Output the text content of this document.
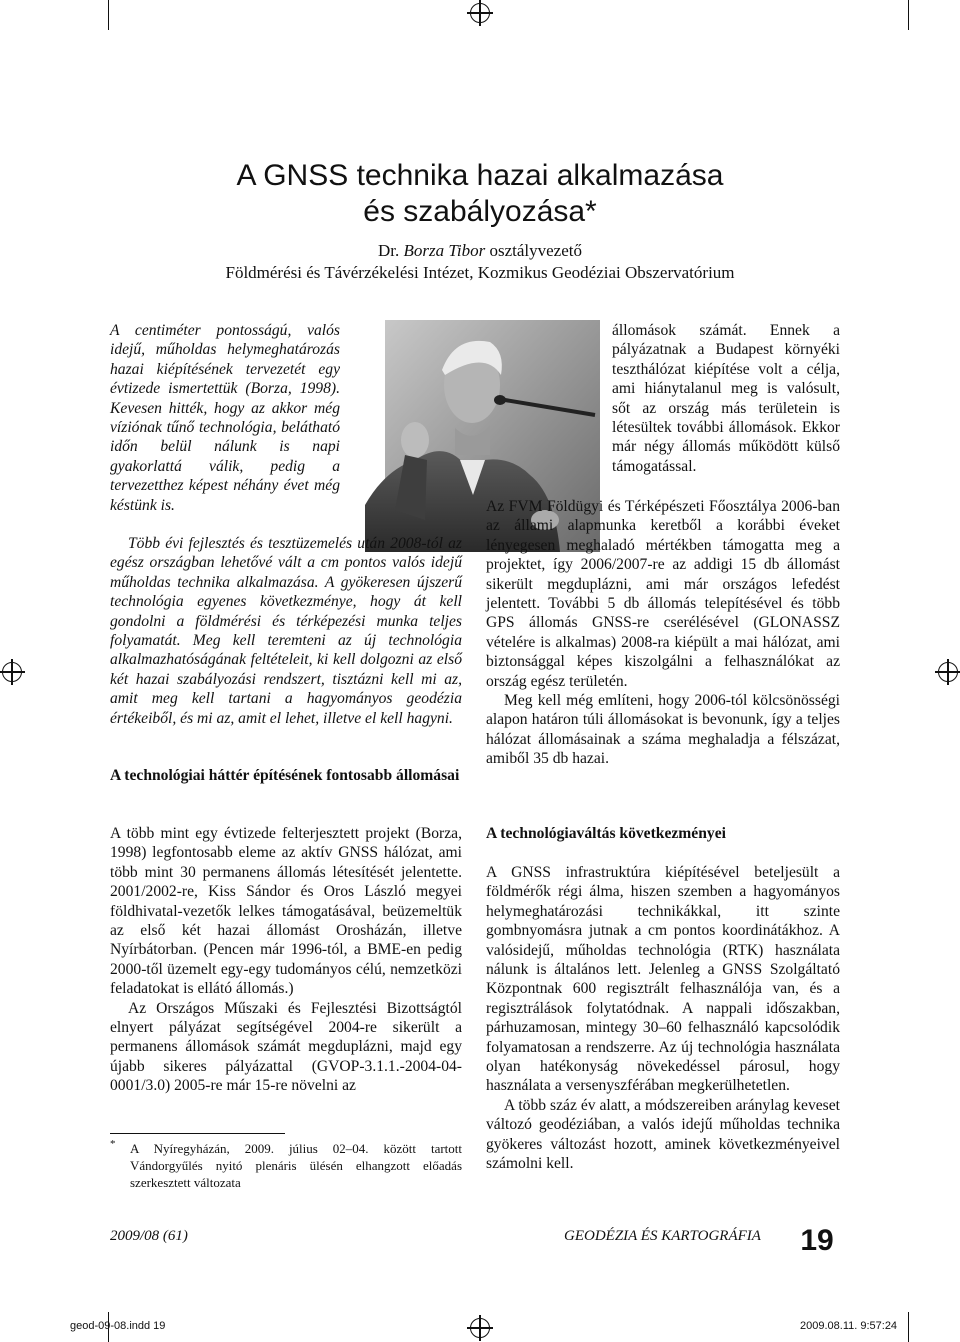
A GNSS technika hazai alkalmazása
és szabályozása*
Dr. Borza Tibor osztályvezető
Földmérési és Távérzékelési Intézet, Kozmikus Geodéziai Obszervatórium

A centiméter pontosságú, valós idejű, műholdas helymeghatározás hazai kiépítésének tervezetét egy évtizede ismertettük (Borza, 1998). Kevesen hitték, hogy az akkor még víziónak tűnő technológia, belátható időn belül nálunk is napi gyakorlattá válik, pedig a tervezetthez képest néhány évet még késtünk is.

Több évi fejlesztés és tesztüzemelés után 2008-tól az egész országban lehetővé vált a cm pontos valós idejű műholdas technika alkalmazása. A gyökeresen újszerű technológia egyenes következménye, hogy át kell gondolni a földmérési és térképezési munka teljes folyamatát. Meg kell teremteni az új technológia alkalmazhatóságának feltételeit, ki kell dolgozni az első két hazai szabályozási rendszert, tisztázni kell mi az, amit meg kell tartani a hagyományos geodézia értékeiből, és mi az, amit el lehet, illetve el kell hagyni.

A technológiai háttér építésének fontosabb állomásai

A több mint egy évtizede felterjesztett projekt (Borza, 1998) legfontosabb eleme az aktív GNSS hálózat, ami több mint 30 permanens állomás létesítését jelentette. 2001/2002-re, Kiss Sándor és Oros László megyei földhivatal-vezetők lelkes támogatásával, beüzemeltük az első két hazai állomást Orosházán, illetve Nyírbátorban. (Pencen már 1996-tól, a BME-en pedig 2000-től üzemelt egy-egy tudományos célú, nemzetközi feladatokat is ellátó állomás.)

Az Országos Műszaki és Fejlesztési Bizottságtól elnyert pályázat segítségével 2004-re sikerült a permanens állomások számát megduplázni, majd egy újabb sikeres pályázattal (GVOP-3.1.1.-2004-04-0001/3.0) 2005-re már 15-re növelni az

*	A Nyíregyházán, 2009. július 02–04. között tartott Vándorgyűlés nyitó plenáris ülésén elhangzott előadás szerkesztett változata

állomások számát. Ennek a pályázatnak a Budapest környéki teszthálózat kiépítése volt a célja, ami hiánytalanul meg is valósult, sőt az ország más területein is létesültek további állomások. Ekkor már négy állomás működött külső támogatással.

Az FVM Földügyi és Térképészeti Főosztálya 2006-ban az állami alapmunka keretből a korábbi éveket lényegesen meghaladó mértékben támogatta meg a projektet, így 2006/2007-re az addigi 15 db állomást sikerült megduplázni, ami már országos lefedést jelentett. További 5 db állomás telepítésével és több GPS állomás GNSS-re cserélésével (GLONASSZ vételére is alkalmas) 2008-ra kiépült a mai hálózat, ami biztonsággal képes kiszolgálni a felhasználókat az ország egész területén.

Meg kell még említeni, hogy 2006-tól kölcsönösségi alapon határon túli állomásokat is bevonunk, így a teljes hálózat állomásainak a száma meghaladja a félszázat, amiből 35 db hazai.

A technológiaváltás következményei

A GNSS infrastruktúra kiépítésével beteljesült a földmérők régi álma, hiszen szemben a hagyományos helymeghatározási technikákkal, itt szinte gombnyomásra jutnak a cm pontos koordinátákhoz. A valósidejű, műholdas technológia (RTK) használata nálunk is általános lett. Jelenleg a GNSS Szolgáltató Központnak 600 regisztrált felhasználója van, és a regisztrálások folytatódnak. A nappali időszakban, párhuzamosan, mintegy 30–60 felhasználó kapcsolódik folyamatosan a rendszerre. Az új technológia használata olyan hatékonyság növekedéssel párosul, hogy használata a versenyszférában megkerülhetetlen.

A több száz év alatt, a módszereiben aránylag keveset változó geodéziában, a valós idejű műholdas technika gyökeres változást hozott, aminek következményeivel számolni kell.

2009/08 (61)	GEODÉZIA ÉS KARTOGRÁFIA 19
geod-09-08.indd 19	2009.08.11. 9:57:24
